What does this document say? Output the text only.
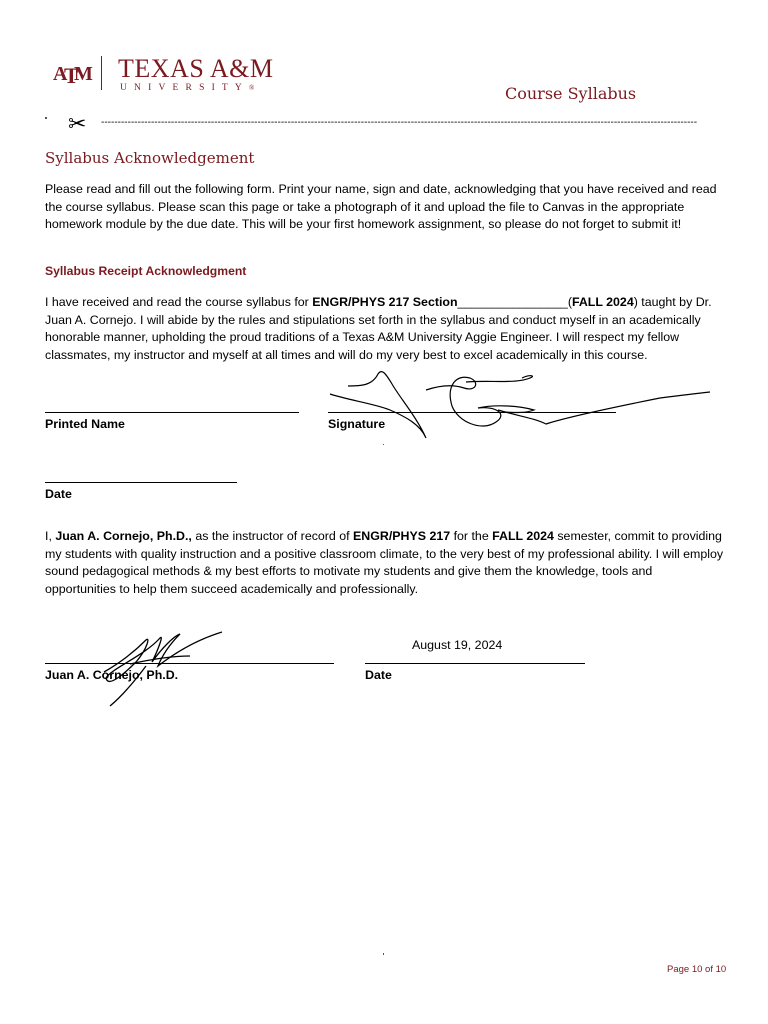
A
T
M TEXAS A&M
UNIVERSITY®	Course Syllabus
✂ -----------------------------------------------------------------------------------------------------------------------------------------------------------------------------------
Syllabus Acknowledgement
Please read and fill out the following form. Print your name, sign and date, acknowledging that you have received and read the course syllabus. Please scan this page or take a photograph of it and upload the file to Canvas in the appropriate homework module by the due date. This will be your first homework assignment, so please do not forget to submit it!
Syllabus Receipt Acknowledgment
I have received and read the course syllabus for ENGR/PHYS 217 Section________________(FALL 2024) taught by Dr. Juan A. Cornejo. I will abide by the rules and stipulations set forth in the syllabus and conduct myself in an academically honorable manner, upholding the proud traditions of a Texas A&M University Aggie Engineer. I will respect my fellow classmates, my instructor and myself at all times and will do my very best to excel academically in this course.
Printed Name	Signature
Date
I, Juan A. Cornejo, Ph.D., as the instructor of record of ENGR/PHYS 217 for the FALL 2024 semester, commit to providing my students with quality instruction and a positive classroom climate, to the very best of my professional ability. I will employ sound pedagogical methods & my best efforts to motivate my students and give them the knowledge, tools and opportunities to help them succeed academically and professionally.
August 19, 2024
Juan A. Cornejo, Ph.D.	Date
Page 10 of 10
